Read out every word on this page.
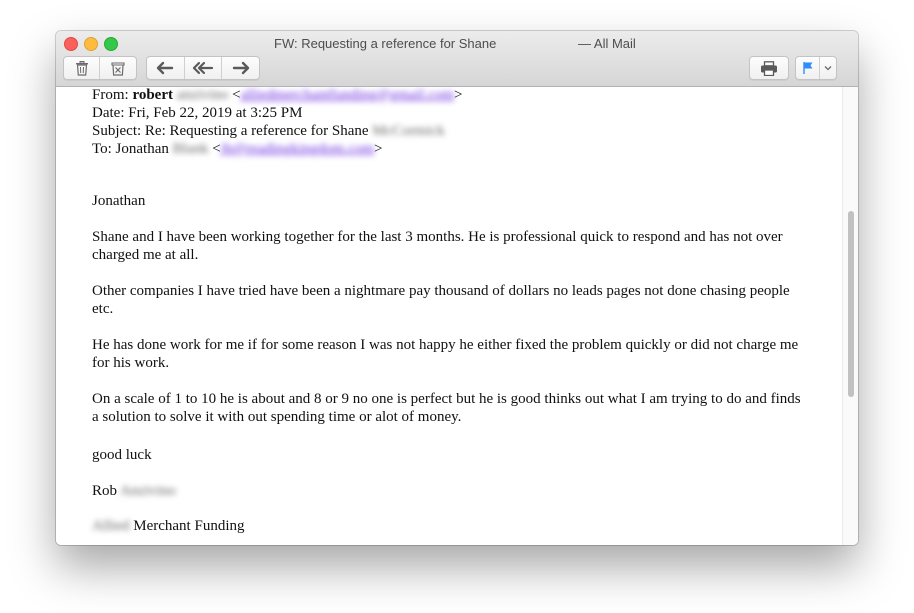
FW: Requesting a reference for Shane	— All Mail
From: robert anzivino <alliedmerchantfunding@gmail.com>
Date: Fri, Feb 22, 2019 at 3:25 PM
Subject: Re: Requesting a reference for Shane McCormick
To: Jonathan Blank <jb@readingkingdom.com>

Jonathan

Shane and I have been working together for the last 3 months. He is professional quick to respond and has not over charged me at all.

Other companies I have tried have been a nightmare pay thousand of dollars no leads pages not done chasing people etc.

He has done work for me if for some reason I was not happy he either fixed the problem quickly or did not charge me for his work.

On a scale of 1 to 10 he is about and 8 or 9 no one is perfect but he is good thinks out what I am trying to do and finds a solution to solve it with out spending time or alot of money.

good luck

Rob Anzivino

Allied Merchant Funding
